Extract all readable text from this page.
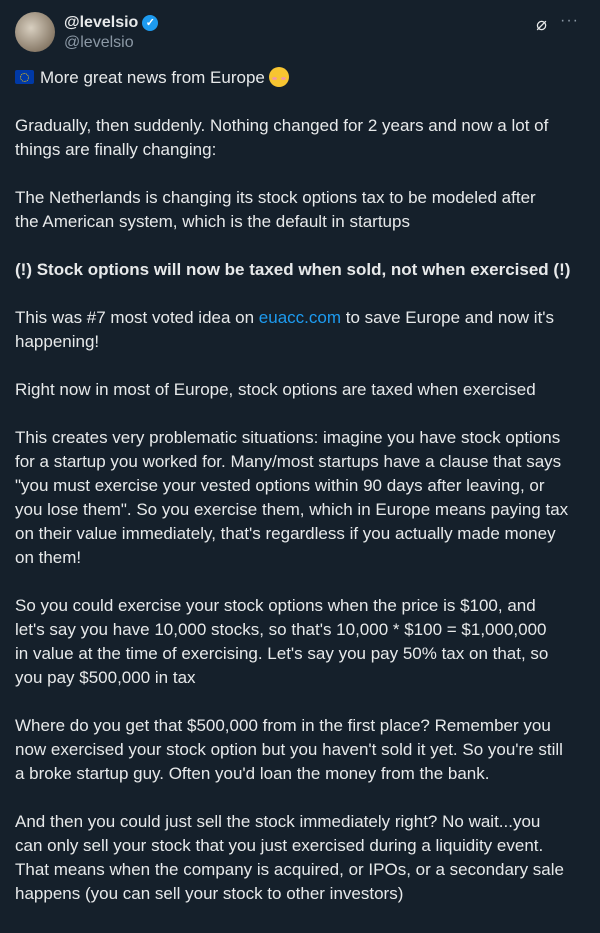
@levelsio ✓
@levelsio
⌀ ···

More great news from Europe

Gradually, then suddenly. Nothing changed for 2 years and now a lot of
things are finally changing:

The Netherlands is changing its stock options tax to be modeled after
the American system, which is the default in startups

(!) Stock options will now be taxed when sold, not when exercised (!)

This was #7 most voted idea on euacc.com to save Europe and now it's
happening!

Right now in most of Europe, stock options are taxed when exercised

This creates very problematic situations: imagine you have stock options
for a startup you worked for. Many/most startups have a clause that says
"you must exercise your vested options within 90 days after leaving, or
you lose them". So you exercise them, which in Europe means paying tax
on their value immediately, that's regardless if you actually made money
on them!

So you could exercise your stock options when the price is $100, and
let's say you have 10,000 stocks, so that's 10,000 * $100 = $1,000,000
in value at the time of exercising. Let's say you pay 50% tax on that, so
you pay $500,000 in tax

Where do you get that $500,000 from in the first place? Remember you
now exercised your stock option but you haven't sold it yet. So you're still
a broke startup guy. Often you'd loan the money from the bank.

And then you could just sell the stock immediately right? No wait...you
can only sell your stock that you just exercised during a liquidity event.
That means when the company is acquired, or IPOs, or a secondary sale
happens (you can sell your stock to other investors)
